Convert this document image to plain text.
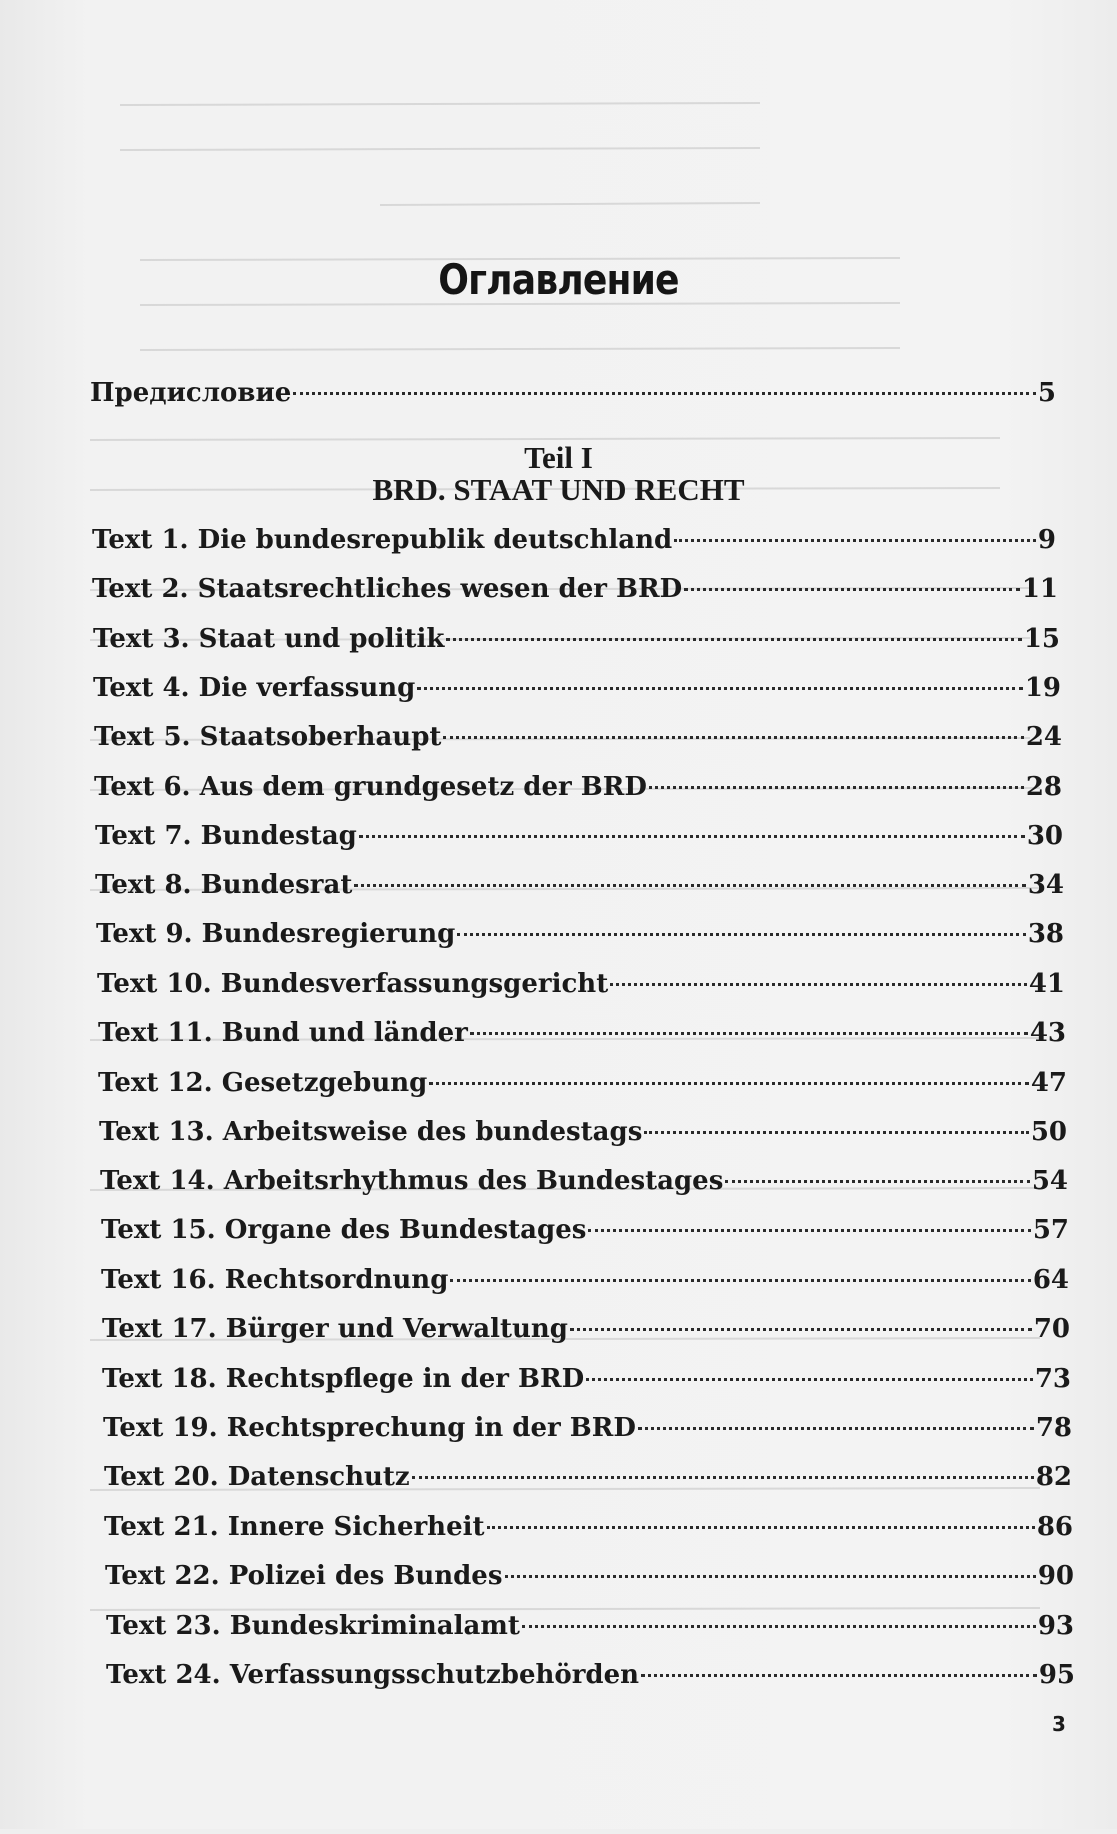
Оглавление
Предисловие	5
Teil I
BRD. STAAT UND RECHT
Text 1. Die bundesrepublik deutschland	9
Text 2. Staatsrechtliches wesen der BRD	11
Text 3. Staat und politik	15
Text 4. Die verfassung	19
Text 5. Staatsoberhaupt	24
Text 6. Aus dem grundgesetz der BRD	28
Text 7. Bundestag	30
Text 8. Bundesrat	34
Text 9. Bundesregierung	38
Text 10. Bundesverfassungsgericht	41
Text 11. Bund und länder	43
Text 12. Gesetzgebung	47
Text 13. Arbeitsweise des bundestags	50
Text 14. Arbeitsrhythmus des Bundestages	54
Text 15. Organe des Bundestages	57
Text 16. Rechtsordnung	64
Text 17. Bürger und Verwaltung	70
Text 18. Rechtspflege in der BRD	73
Text 19. Rechtsprechung in der BRD	78
Text 20. Datenschutz	82
Text 21. Innere Sicherheit	86
Text 22. Polizei des Bundes	90
Text 23. Bundeskriminalamt	93
Text 24. Verfassungsschutzbehörden	95
3
